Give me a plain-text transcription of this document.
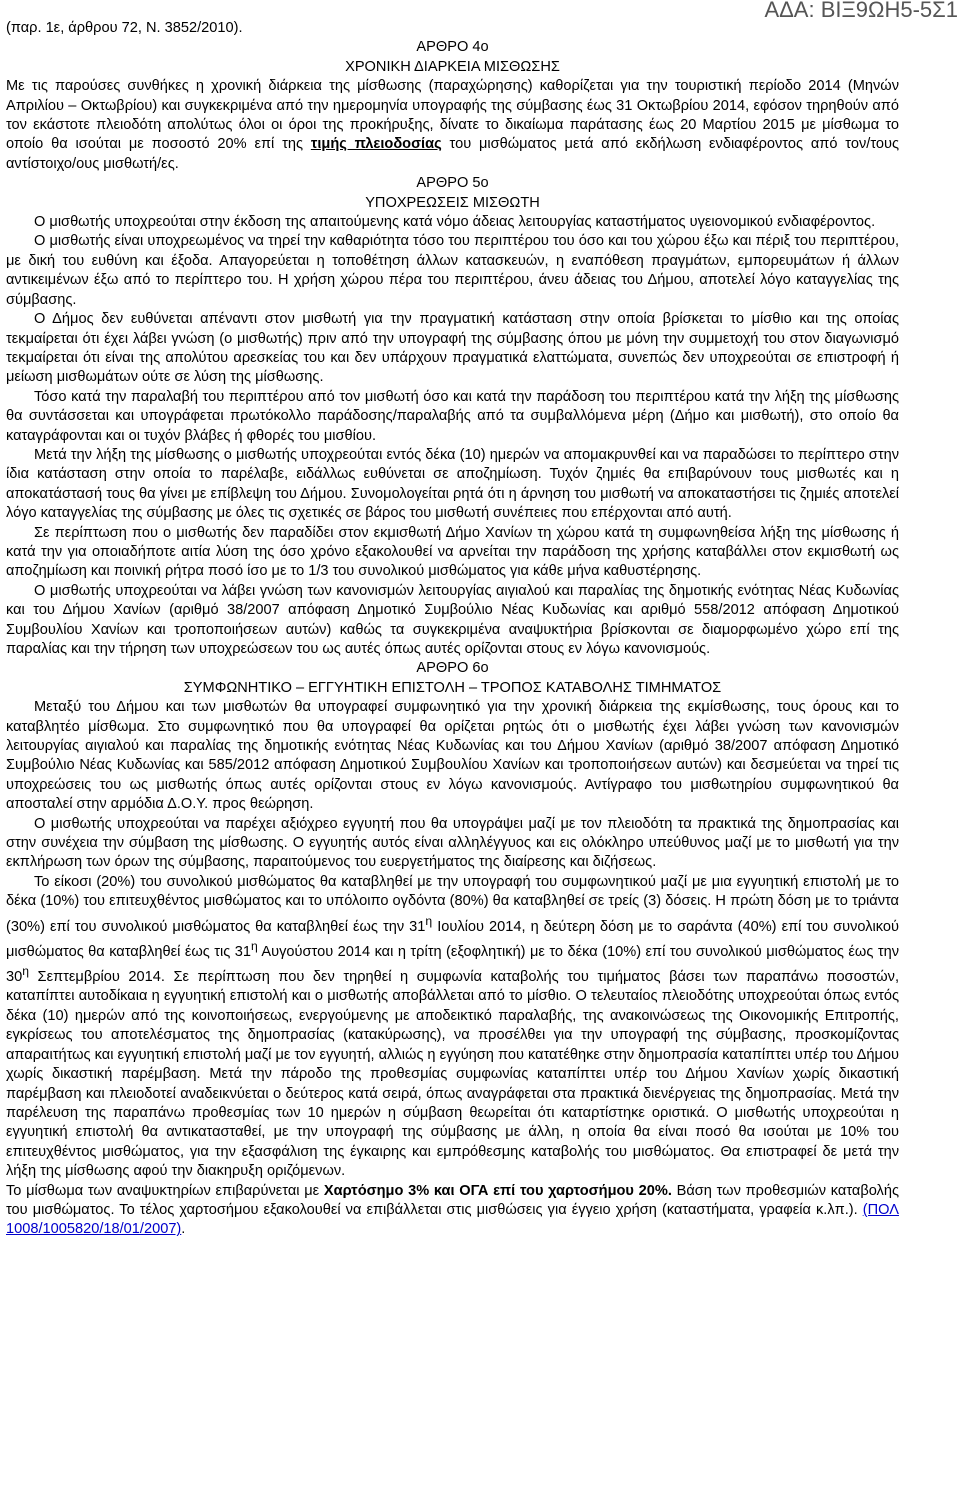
ΑΔΑ: ΒΙΞ9ΩΗ5-5Σ1
(παρ. 1ε, άρθρου 72, Ν. 3852/2010).
ΑΡΘΡΟ 4ο
ΧΡΟΝΙΚΗ ΔΙΑΡΚΕΙΑ ΜΙΣΘΩΣΗΣ

Με τις παρούσες συνθήκες η χρονική διάρκεια της μίσθωσης (παραχώρησης) καθορίζεται για την τουριστική περίοδο 2014 (Μηνών Απριλίου – Οκτωβρίου) και συγκεκριμένα από την ημερομηνία υπογραφής της σύμβασης έως 31 Οκτωβρίου 2014, εφόσον τηρηθούν από τον εκάστοτε πλειοδότη απολύτως όλοι οι όροι της προκήρυξης, δίνατε το δικαίωμα παράτασης έως 20 Μαρτίου 2015 με μίσθωμα το οποίο θα ισούται με ποσοστό 20% επί της τιμής πλειοδοσίας του μισθώματος μετά από εκδήλωση ενδιαφέροντος από τον/τους αντίστοιχο/ους μισθωτή/ες.

ΑΡΘΡΟ 5ο
ΥΠΟΧΡΕΩΣΕΙΣ ΜΙΣΘΩΤΗ

Ο μισθωτής υποχρεούται στην έκδοση της απαιτούμενης κατά νόμο άδειας λειτουργίας καταστήματος υγειονομικού ενδιαφέροντος.

Ο μισθωτής είναι υποχρεωμένος να τηρεί την καθαριότητα τόσο του περιπτέρου του όσο και του χώρου έξω και πέριξ του περιπτέρου, με δική του ευθύνη και έξοδα. Απαγορεύεται η τοποθέτηση άλλων κατασκευών, η εναπόθεση πραγμάτων, εμπορευμάτων ή άλλων αντικειμένων έξω από το περίπτερο του. Η χρήση χώρου πέρα του περιπτέρου, άνευ άδειας του Δήμου, αποτελεί λόγο καταγγελίας της σύμβασης.

Ο Δήμος δεν ευθύνεται απέναντι στον μισθωτή για την πραγματική κατάσταση στην οποία βρίσκεται το μίσθιο και της οποίας τεκμαίρεται ότι έχει λάβει γνώση (ο μισθωτής) πριν από την υπογραφή της σύμβασης όπου με μόνη την συμμετοχή του στον διαγωνισμό τεκμαίρεται ότι είναι της απολύτου αρεσκείας του και δεν υπάρχουν πραγματικά ελαττώματα, συνεπώς δεν υποχρεούται σε επιστροφή ή μείωση μισθωμάτων ούτε σε λύση της μίσθωσης.

Τόσο κατά την παραλαβή του περιπτέρου από τον μισθωτή όσο και κατά την παράδοση του περιπτέρου κατά την λήξη της μίσθωσης θα συντάσσεται και υπογράφεται πρωτόκολλο παράδοσης/παραλαβής από τα συμβαλλόμενα μέρη (Δήμο και μισθωτή), στο οποίο θα καταγράφονται και οι τυχόν βλάβες ή φθορές του μισθίου.

Μετά την λήξη της μίσθωσης ο μισθωτής υποχρεούται εντός δέκα (10) ημερών να απομακρυνθεί και να παραδώσει το περίπτερο στην ίδια κατάσταση στην οποία το παρέλαβε, ειδάλλως ευθύνεται σε αποζημίωση. Τυχόν ζημιές θα επιβαρύνουν τους μισθωτές και η αποκατάστασή τους θα γίνει με επίβλεψη του Δήμου. Συνομολογείται ρητά ότι η άρνηση του μισθωτή να αποκαταστήσει τις ζημιές αποτελεί λόγο καταγγελίας της σύμβασης με όλες τις σχετικές σε βάρος του μισθωτή συνέπειες που επέρχονται από αυτή.

Σε περίπτωση που ο μισθωτής δεν παραδίδει στον εκμισθωτή Δήμο Χανίων τη χώρου κατά τη συμφωνηθείσα λήξη της μίσθωσης ή κατά την για οποιαδήποτε αιτία λύση της όσο χρόνο εξακολουθεί να αρνείται την παράδοση της χρήσης καταβάλλει στον εκμισθωτή ως αποζημίωση και ποινική ρήτρα ποσό ίσο με το 1/3 του συνολικού μισθώματος για κάθε μήνα καθυστέρησης.

Ο μισθωτής υποχρεούται να λάβει γνώση των κανονισμών λειτουργίας αιγιαλού και παραλίας της δημοτικής ενότητας Νέας Κυδωνίας και του Δήμου Χανίων (αριθμό 38/2007 απόφαση Δημοτικό Συμβούλιο Νέας Κυδωνίας και αριθμό 558/2012 απόφαση Δημοτικού Συμβουλίου Χανίων και τροποποιήσεων αυτών) καθώς τα συγκεκριμένα αναψυκτήρια βρίσκονται σε διαμορφωμένο χώρο επί της παραλίας και την τήρηση των υποχρεώσεων του ως αυτές όπως αυτές ορίζονται στους εν λόγω κανονισμούς.

ΑΡΘΡΟ 6ο
ΣΥΜΦΩΝΗΤΙΚΟ – ΕΓΓΥΗΤΙΚΗ ΕΠΙΣΤΟΛΗ – ΤΡΟΠΟΣ ΚΑΤΑΒΟΛΗΣ ΤΙΜΗΜΑΤΟΣ

Μεταξύ του Δήμου και των μισθωτών θα υπογραφεί συμφωνητικό για την χρονική διάρκεια της εκμίσθωσης, τους όρους και το καταβλητέο μίσθωμα. Στο συμφωνητικό που θα υπογραφεί θα ορίζεται ρητώς ότι ο μισθωτής έχει λάβει γνώση των κανονισμών λειτουργίας αιγιαλού και παραλίας της δημοτικής ενότητας Νέας Κυδωνίας και του Δήμου Χανίων (αριθμό 38/2007 απόφαση Δημοτικό Συμβούλιο Νέας Κυδωνίας και 585/2012 απόφαση Δημοτικού Συμβουλίου Χανίων και τροποποιήσεων αυτών) και δεσμεύεται να τηρεί τις υποχρεώσεις του ως μισθωτής όπως αυτές ορίζονται στους εν λόγω κανονισμούς. Αντίγραφο του μισθωτηρίου συμφωνητικού θα αποσταλεί στην αρμόδια Δ.Ο.Υ. προς θεώρηση.

Ο μισθωτής υποχρεούται να παρέχει αξιόχρεο εγγυητή που θα υπογράψει μαζί με τον πλειοδότη τα πρακτικά της δημοπρασίας και στην συνέχεια την σύμβαση της μίσθωσης. Ο εγγυητής αυτός είναι αλληλέγγυος και εις ολόκληρο υπεύθυνος μαζί με το μισθωτή για την εκπλήρωση των όρων της σύμβασης, παραιτούμενος του ευεργετήματος της διαίρεσης και διζήσεως.

Το είκοσι (20%) του συνολικού μισθώματος θα καταβληθεί με την υπογραφή του συμφωνητικού μαζί με μια εγγυητική επιστολή με το δέκα (10%) του επιτευχθέντος μισθώματος και το υπόλοιπο ογδόντα (80%) θα καταβληθεί σε τρείς (3) δόσεις. Η πρώτη δόση με το τριάντα (30%) επί του συνολικού μισθώματος θα καταβληθεί έως την $31^\eta$ Ιουλίου 2014, η δεύτερη δόση με το σαράντα (40%) επί του συνολικού μισθώματος θα καταβληθεί έως τις $31^\eta$ Αυγούστου 2014 και η τρίτη (εξοφλητική) με το δέκα (10%) επί του συνολικού μισθώματος έως την $30^\eta$ Σεπτεμβρίου 2014. Σε περίπτωση που δεν τηρηθεί η συμφωνία καταβολής του τιμήματος βάσει των παραπάνω ποσοστών, καταπίπτει αυτοδίκαια η εγγυητική επιστολή και ο μισθωτής αποβάλλεται από το μίσθιο. Ο τελευταίος πλειοδότης υποχρεούται όπως εντός δέκα (10) ημερών από της κοινοποιήσεως, ενεργούμενης με αποδεικτικό παραλαβής, της ανακοινώσεως της Οικονομικής Επιτροπής, εγκρίσεως του αποτελέσματος της δημοπρασίας (κατακύρωσης), να προσέλθει για την υπογραφή της σύμβασης, προσκομίζοντας απαραιτήτως και εγγυητική επιστολή μαζί με τον εγγυητή, αλλιώς η εγγύηση που κατατέθηκε στην δημοπρασία καταπίπτει υπέρ του Δήμου χωρίς δικαστική παρέμβαση. Μετά την πάροδο της προθεσμίας συμφωνίας καταπίπτει υπέρ του Δήμου Χανίων χωρίς δικαστική παρέμβαση και πλειοδοτεί αναδεικνύεται ο δεύτερος κατά σειρά, όπως αναγράφεται στα πρακτικά διενέργειας της δημοπρασίας. Μετά την παρέλευση της παραπάνω προθεσμίας των 10 ημερών η σύμβαση θεωρείται ότι καταρτίστηκε οριστικά. Ο μισθωτής υποχρεούται η εγγυητική επιστολή θα αντικατασταθεί, με την υπογραφή της σύμβασης με άλλη, η οποία θα είναι ποσό θα ισούται με 10% του επιτευχθέντος μισθώματος, για την εξασφάλιση της έγκαιρης και εμπρόθεσμης καταβολής του μισθώματος. Θα επιστραφεί δε μετά την λήξη της μίσθωσης αφού την διακηρυξη οριζόμενων.

Το μίσθωμα των αναψυκτηρίων επιβαρύνεται με Χαρτόσημο 3% και ΟΓΑ επί του χαρτοσήμου 20%. Βάση των προθεσμιών καταβολής του μισθώματος. Το τέλος χαρτοσήμου εξακολουθεί να επιβάλλεται στις μισθώσεις για έγγειο χρήση (καταστήματα, γραφεία κ.λπ.). (ΠΟΛ 1008/1005820/18/01/2007).
